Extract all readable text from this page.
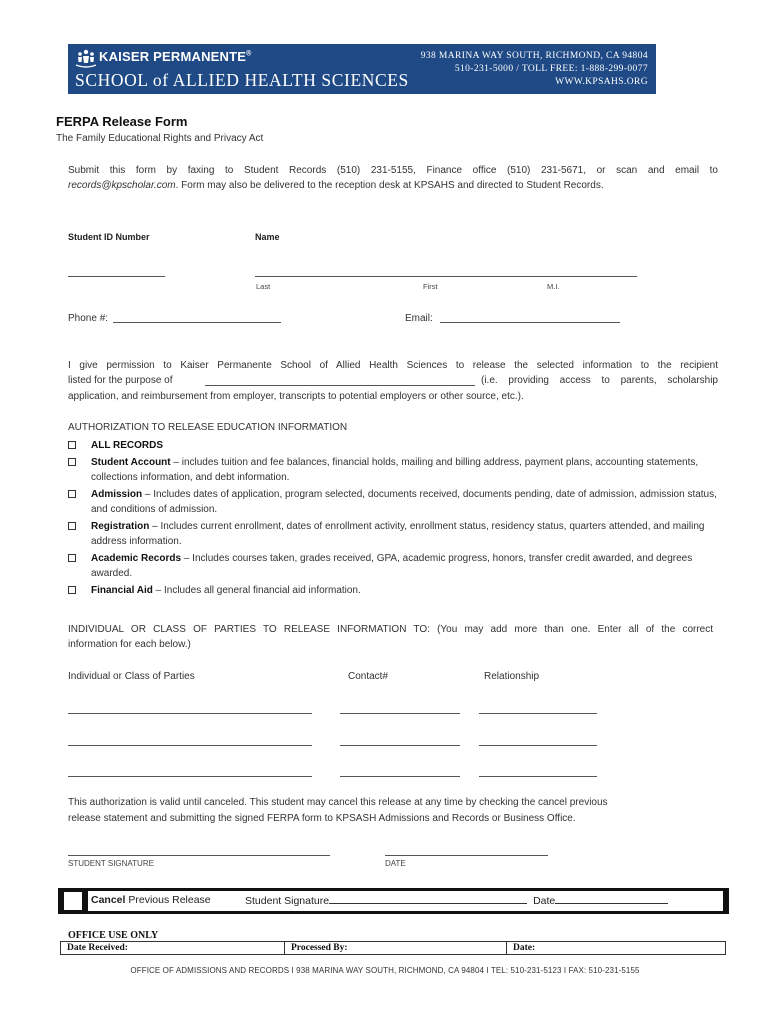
KAISER PERMANENTE®
SCHOOL of ALLIED HEALTH SCIENCES
938 MARINA WAY SOUTH, RICHMOND, CA 94804
510-231-5000 / TOLL FREE: 1-888-299-0077
WWW.KPSAHS.ORG
FERPA Release Form
The Family Educational Rights and Privacy Act
Submit this form by faxing to Student Records (510) 231-5155, Finance office (510) 231-5671, or scan and email to
records@kpscholar.com. Form may also be delivered to the reception desk at KPSAHS and directed to Student Records.
Student ID Number	Name
Last	First	M.I.
Phone #:	Email:
I give permission to Kaiser Permanente School of Allied Health Sciences to release the selected information to the recipient
listed for the purpose of	(i.e. providing access to parents, scholarship
application, and reimbursement from employer, transcripts to potential employers or other source, etc.).
AUTHORIZATION TO RELEASE EDUCATION INFORMATION
ALL RECORDS
Student Account – includes tuition and fee balances, financial holds, mailing and billing address, payment plans, accounting statements, collections information, and debt information.
Admission – Includes dates of application, program selected, documents received, documents pending, date of admission, admission status, and conditions of admission.
Registration – Includes current enrollment, dates of enrollment activity, enrollment status, residency status, quarters attended, and mailing address information.
Academic Records – Includes courses taken, grades received, GPA, academic progress, honors, transfer credit awarded, and degrees awarded.
Financial Aid – Includes all general financial aid information.
INDIVIDUAL OR CLASS OF PARTIES TO RELEASE INFORMATION TO: (You may add more than one. Enter all of the correct
information for each below.)
Individual or Class of Parties	Contact#	Relationship
This authorization is valid until canceled. This student may cancel this release at any time by checking the cancel previous
release statement and submitting the signed FERPA form to KPSASH Admissions and Records or Business Office.
STUDENT SIGNATURE	DATE
Cancel Previous Release	Student Signature	Date
OFFICE USE ONLY
Date Received:	Processed By:	Date:
OFFICE OF ADMISSIONS AND RECORDS I 938 MARINA WAY SOUTH, RICHMOND, CA 94804 I TEL: 510-231-5123 I FAX: 510-231-5155
